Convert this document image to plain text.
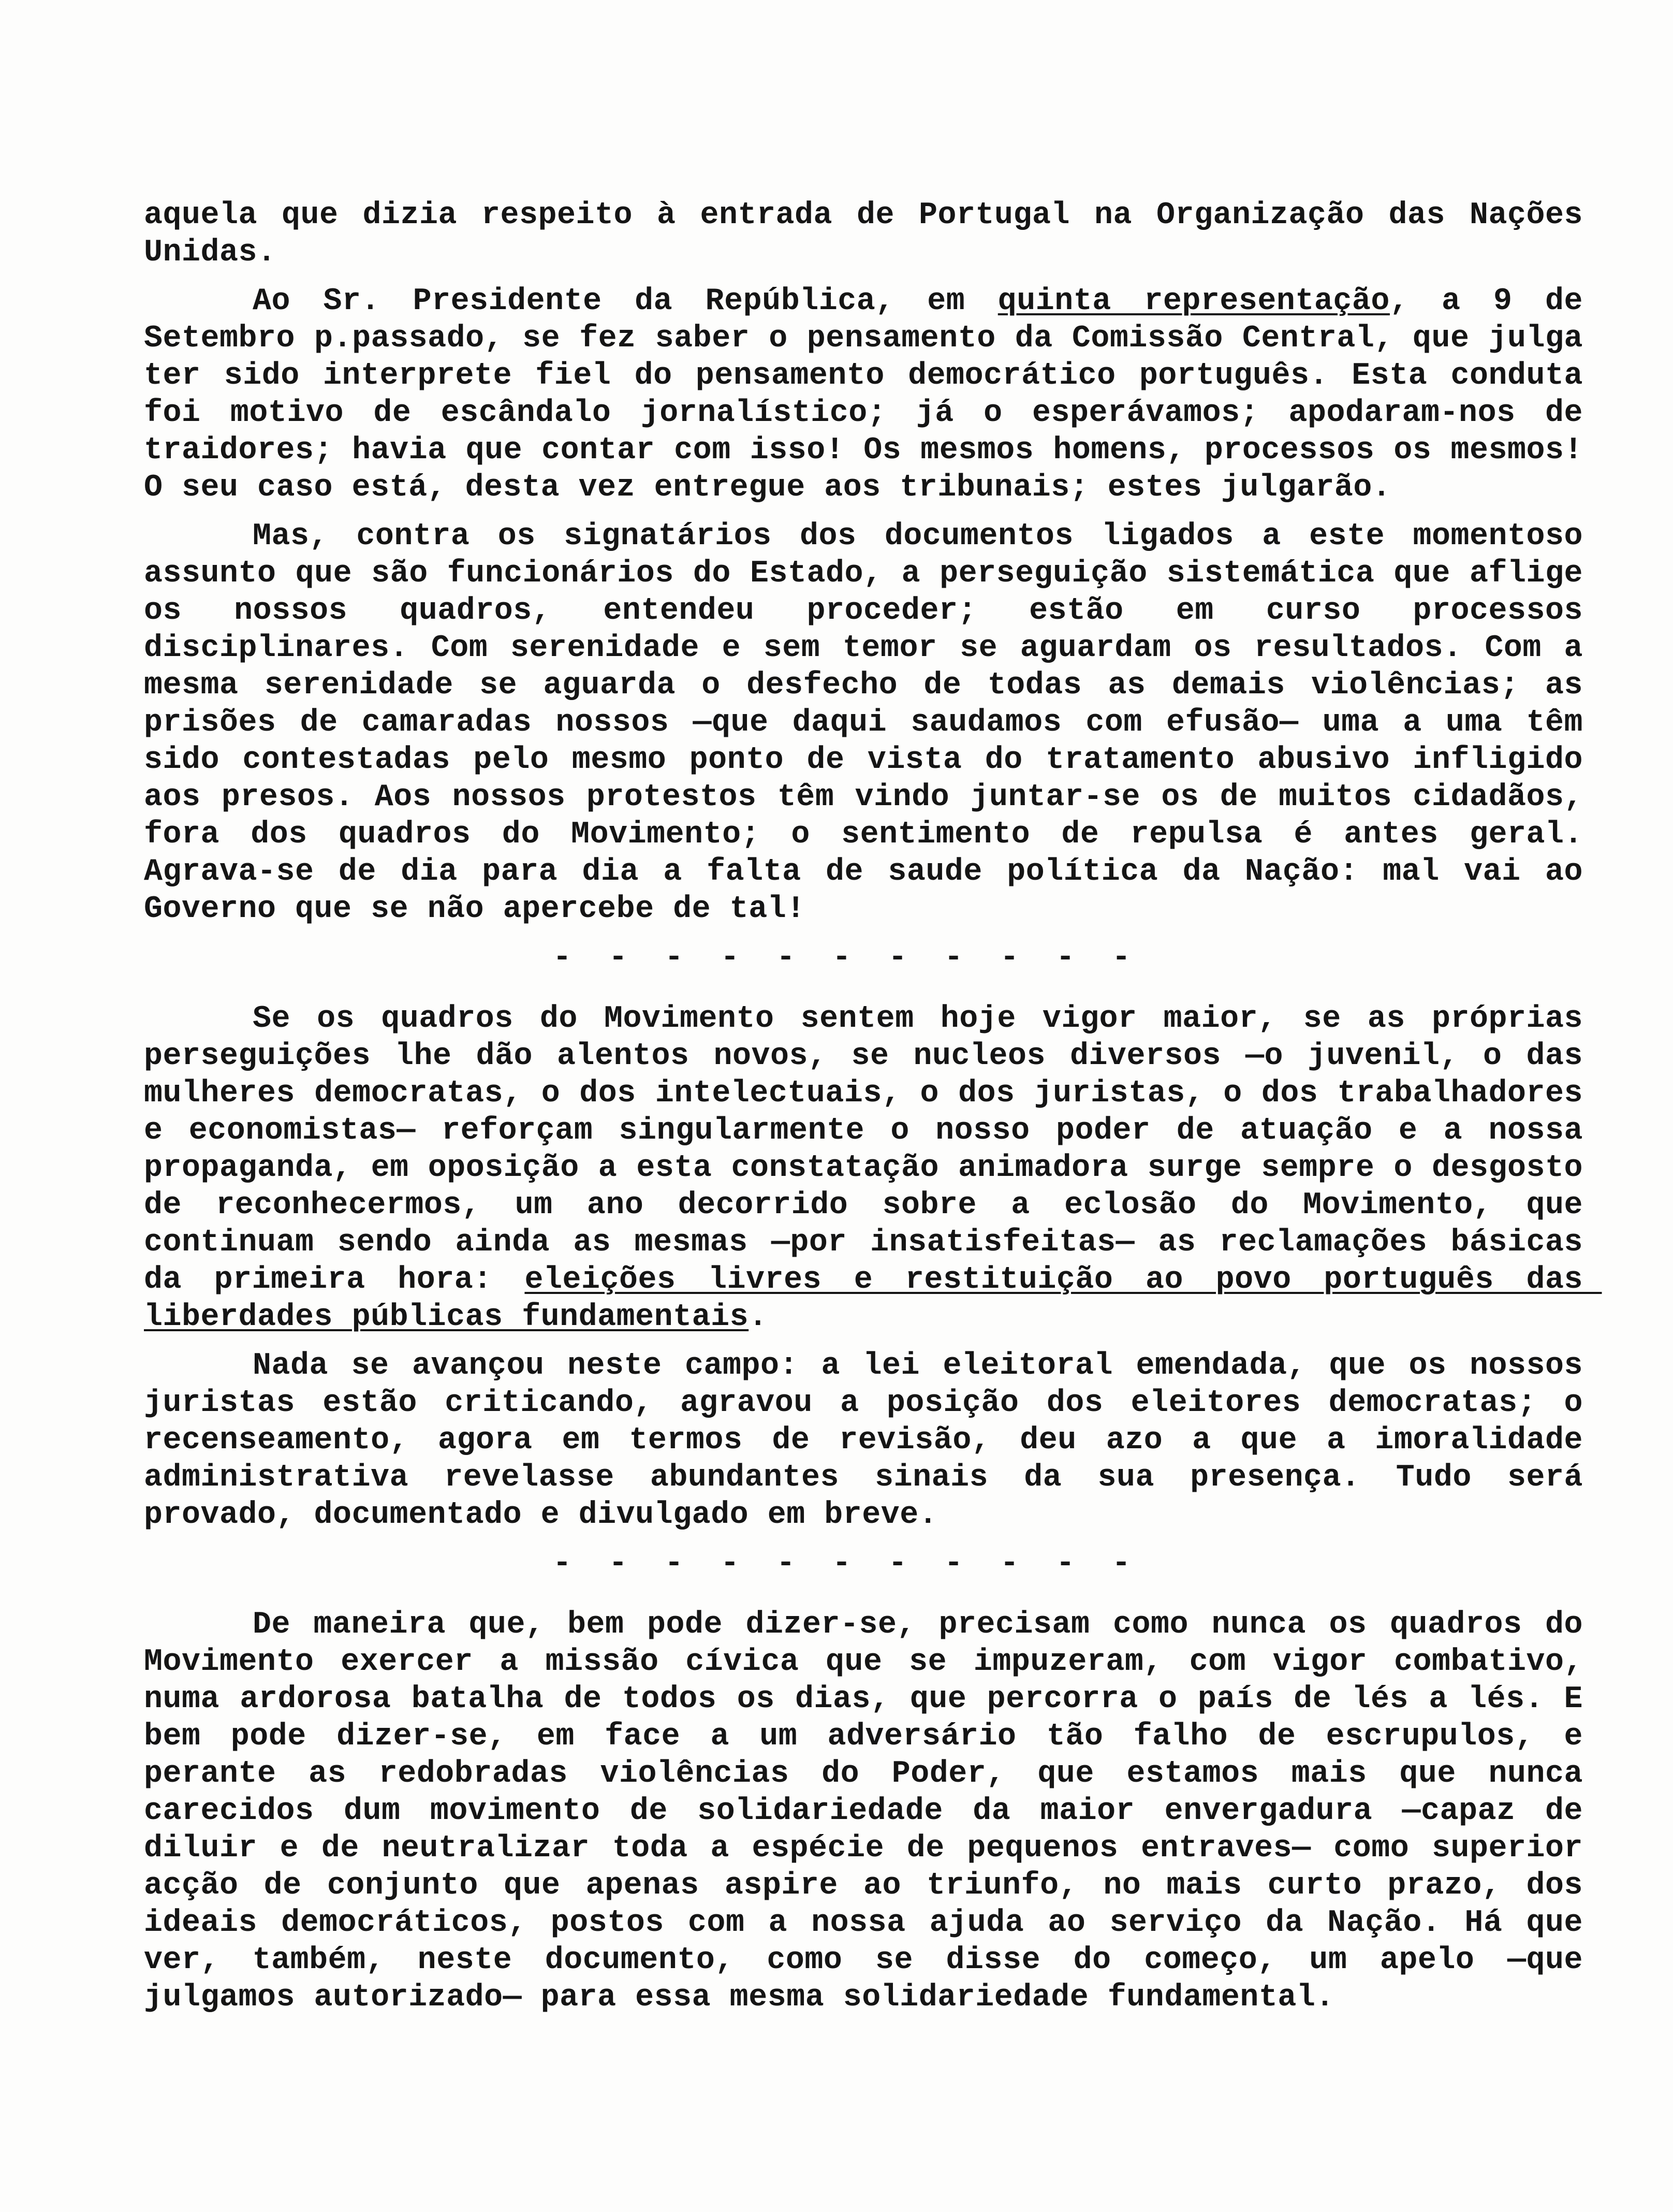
aquela que dizia respeito à entrada de Portugal na Organização das Nações Unidas.

Ao Sr. Presidente da República, em quinta representação, a 9 de Setembro p.passado, se fez saber o pensamento da Comissão Central, que julga ter sido interprete fiel do pensamento democrático português. Esta conduta foi motivo de escândalo jornalístico; já o esperávamos; apodaram-nos de traidores; havia que contar com isso! Os mesmos homens, processos os mesmos! O seu caso está, desta vez entregue aos tribunais; estes julgarão.

Mas, contra os signatários dos documentos ligados a este momentoso assunto que são funcionários do Estado, a perseguição sistemática que aflige os nossos quadros, entendeu proceder; estão em curso processos disciplinares. Com serenidade e sem temor se aguardam os resultados. Com a mesma serenidade se aguarda o desfecho de todas as demais violências; as prisões de camaradas nossos —que daqui saudamos com efusão— uma a uma têm sido contestadas pelo mesmo ponto de vista do tratamento abusivo infligido aos presos. Aos nossos protestos têm vindo juntar-se os de muitos cidadãos, fora dos quadros do Movimento; o sentimento de repulsa é antes geral. Agrava-se de dia para dia a falta de saude política da Nação: mal vai ao Governo que se não apercebe de tal!

- - - - - - - - - - -

Se os quadros do Movimento sentem hoje vigor maior, se as próprias perseguições lhe dão alentos novos, se nucleos diversos —o juvenil, o das mulheres democratas, o dos intelectuais, o dos juristas, o dos trabalhadores e economistas— reforçam singularmente o nosso poder de atuação e a nossa propaganda, em oposição a esta constatação animadora surge sempre o desgosto de reconhecermos, um ano decorrido sobre a eclosão do Movimento, que continuam sendo ainda as mesmas —por insatisfeitas— as reclamações básicas da primeira hora: eleições livres e restituição ao povo português das liberdades públicas fundamentais.

Nada se avançou neste campo: a lei eleitoral emendada, que os nossos juristas estão criticando, agravou a posição dos eleitores democratas; o recenseamento, agora em termos de revisão, deu azo a que a imoralidade administrativa revelasse abundantes sinais da sua presença. Tudo será provado, documentado e divulgado em breve.

- - - - - - - - - - -

De maneira que, bem pode dizer-se, precisam como nunca os quadros do Movimento exercer a missão cívica que se impuzeram, com vigor combativo, numa ardorosa batalha de todos os dias, que percorra o país de lés a lés. E bem pode dizer-se, em face a um adversário tão falho de escrupulos, e perante as redobradas violências do Poder, que estamos mais que nunca carecidos dum movimento de solidariedade da maior envergadura —capaz de diluir e de neutralizar toda a espécie de pequenos entraves— como superior acção de conjunto que apenas aspire ao triunfo, no mais curto prazo, dos ideais democráticos, postos com a nossa ajuda ao serviço da Nação. Há que ver, também, neste documento, como se disse do começo, um apelo —que julgamos autorizado— para essa mesma solidariedade fundamental.
